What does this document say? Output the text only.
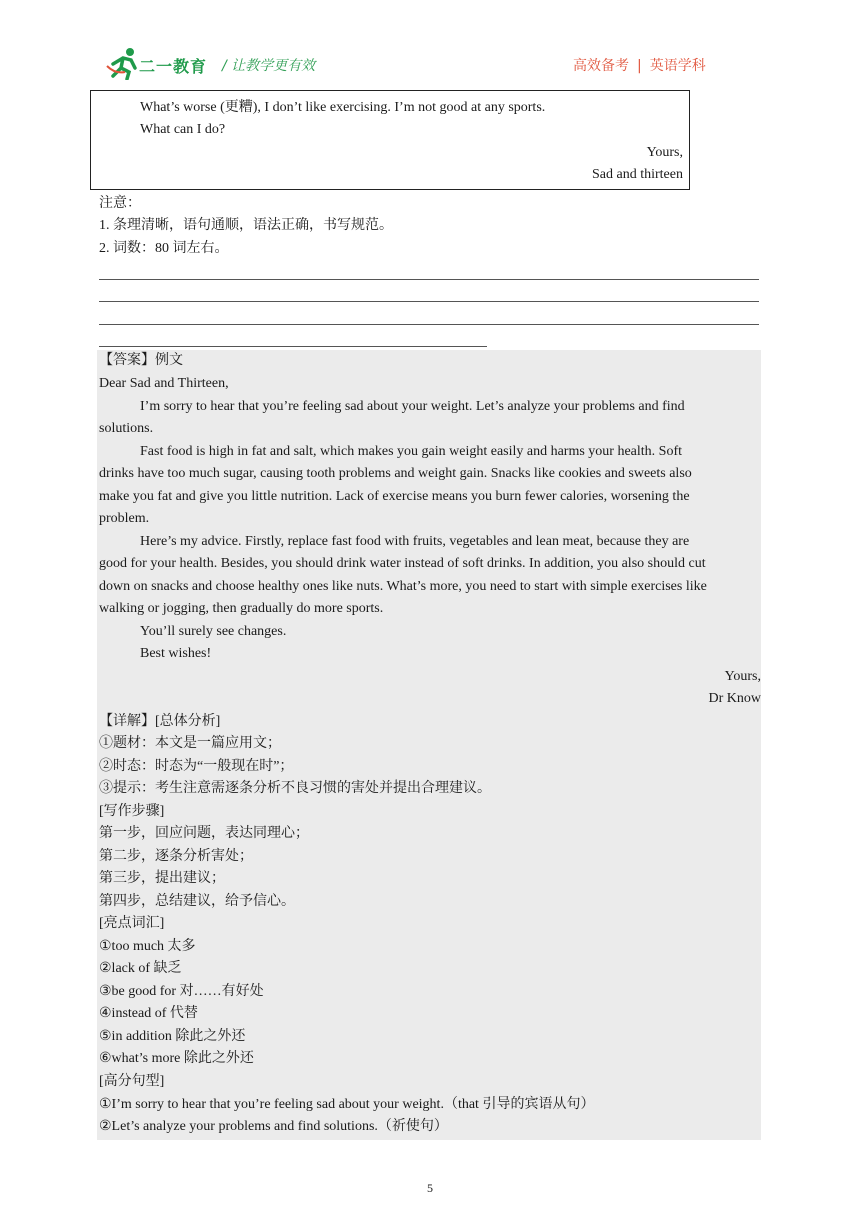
二一教育 / 让教学更有效	高效备考 | 英语学科
What’s worse (更糟), I don’t like exercising. I’m not good at any sports.
What can I do?
Yours,
Sad and thirteen
注意：
1. 条理清晰，语句通顺，语法正确，书写规范。
2. 词数：80 词左右。
【答案】例文
Dear Sad and Thirteen,
I’m sorry to hear that you’re feeling sad about your weight. Let’s analyze your problems and find
solutions.
Fast food is high in fat and salt, which makes you gain weight easily and harms your health. Soft
drinks have too much sugar, causing tooth problems and weight gain. Snacks like cookies and sweets also
make you fat and give you little nutrition. Lack of exercise means you burn fewer calories, worsening the
problem.
Here’s my advice. Firstly, replace fast food with fruits, vegetables and lean meat, because they are
good for your health. Besides, you should drink water instead of soft drinks. In addition, you also should cut
down on snacks and choose healthy ones like nuts. What’s more, you need to start with simple exercises like
walking or jogging, then gradually do more sports.
You’ll surely see changes.
Best wishes!
Yours,
Dr Know
【详解】[总体分析]
①题材：本文是一篇应用文；
②时态：时态为“一般现在时”；
③提示：考生注意需逐条分析不良习惯的害处并提出合理建议。
[写作步骤]
第一步，回应问题，表达同理心；
第二步，逐条分析害处；
第三步，提出建议；
第四步，总结建议，给予信心。
[亮点词汇]
①too much 太多
②lack of 缺乏
③be good for 对……有好处
④instead of 代替
⑤in addition 除此之外还
⑥what’s more 除此之外还
[高分句型]
①I’m sorry to hear that you’re feeling sad about your weight.（that 引导的宾语从句）
②Let’s analyze your problems and find solutions.（祈使句）
5
